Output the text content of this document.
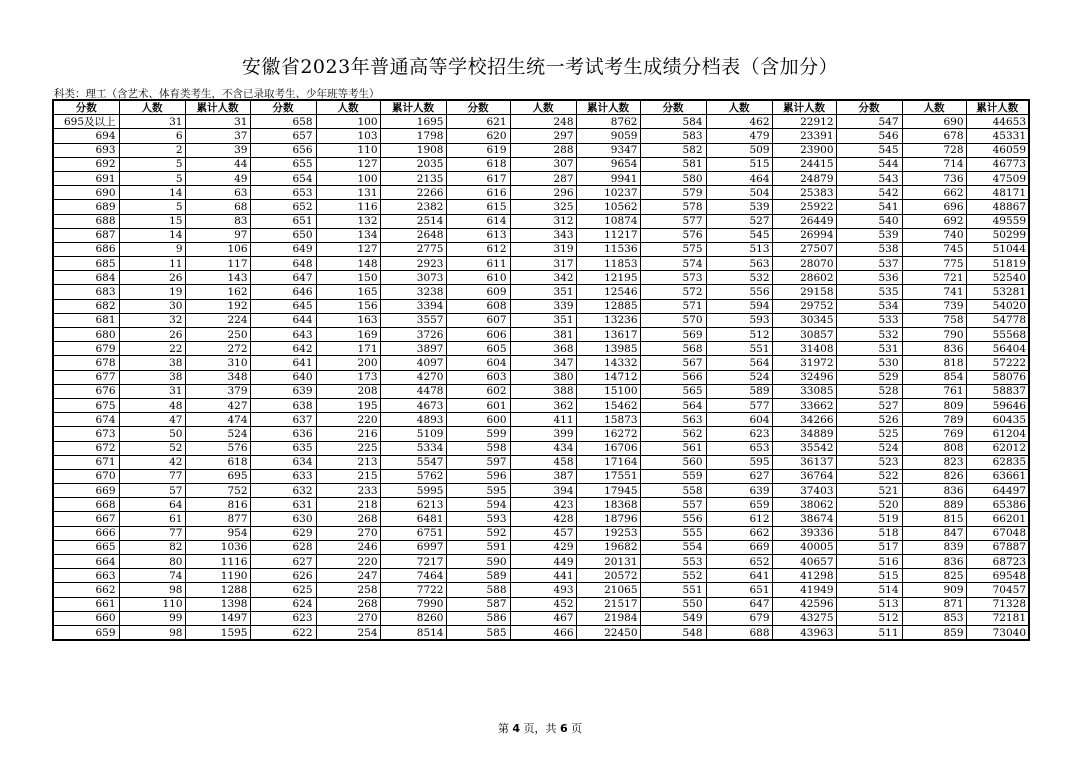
安徽省2023年普通高等学校招生统一考试考生成绩分档表（含加分）
科类：理工（含艺术、体育类考生，不含已录取考生、少年班等考生）
分数	人数	累计人数	分数	人数	累计人数	分数	人数	累计人数	分数	人数	累计人数	分数	人数	累计人数
695及以上	31	31	658	100	1695	621	248	8762	584	462	22912	547	690	44653
694	6	37	657	103	1798	620	297	9059	583	479	23391	546	678	45331
693	2	39	656	110	1908	619	288	9347	582	509	23900	545	728	46059
692	5	44	655	127	2035	618	307	9654	581	515	24415	544	714	46773
691	5	49	654	100	2135	617	287	9941	580	464	24879	543	736	47509
690	14	63	653	131	2266	616	296	10237	579	504	25383	542	662	48171
689	5	68	652	116	2382	615	325	10562	578	539	25922	541	696	48867
688	15	83	651	132	2514	614	312	10874	577	527	26449	540	692	49559
687	14	97	650	134	2648	613	343	11217	576	545	26994	539	740	50299
686	9	106	649	127	2775	612	319	11536	575	513	27507	538	745	51044
685	11	117	648	148	2923	611	317	11853	574	563	28070	537	775	51819
684	26	143	647	150	3073	610	342	12195	573	532	28602	536	721	52540
683	19	162	646	165	3238	609	351	12546	572	556	29158	535	741	53281
682	30	192	645	156	3394	608	339	12885	571	594	29752	534	739	54020
681	32	224	644	163	3557	607	351	13236	570	593	30345	533	758	54778
680	26	250	643	169	3726	606	381	13617	569	512	30857	532	790	55568
679	22	272	642	171	3897	605	368	13985	568	551	31408	531	836	56404
678	38	310	641	200	4097	604	347	14332	567	564	31972	530	818	57222
677	38	348	640	173	4270	603	380	14712	566	524	32496	529	854	58076
676	31	379	639	208	4478	602	388	15100	565	589	33085	528	761	58837
675	48	427	638	195	4673	601	362	15462	564	577	33662	527	809	59646
674	47	474	637	220	4893	600	411	15873	563	604	34266	526	789	60435
673	50	524	636	216	5109	599	399	16272	562	623	34889	525	769	61204
672	52	576	635	225	5334	598	434	16706	561	653	35542	524	808	62012
671	42	618	634	213	5547	597	458	17164	560	595	36137	523	823	62835
670	77	695	633	215	5762	596	387	17551	559	627	36764	522	826	63661
669	57	752	632	233	5995	595	394	17945	558	639	37403	521	836	64497
668	64	816	631	218	6213	594	423	18368	557	659	38062	520	889	65386
667	61	877	630	268	6481	593	428	18796	556	612	38674	519	815	66201
666	77	954	629	270	6751	592	457	19253	555	662	39336	518	847	67048
665	82	1036	628	246	6997	591	429	19682	554	669	40005	517	839	67887
664	80	1116	627	220	7217	590	449	20131	553	652	40657	516	836	68723
663	74	1190	626	247	7464	589	441	20572	552	641	41298	515	825	69548
662	98	1288	625	258	7722	588	493	21065	551	651	41949	514	909	70457
661	110	1398	624	268	7990	587	452	21517	550	647	42596	513	871	71328
660	99	1497	623	270	8260	586	467	21984	549	679	43275	512	853	72181
659	98	1595	622	254	8514	585	466	22450	548	688	43963	511	859	73040
第 4 页，共 6 页
